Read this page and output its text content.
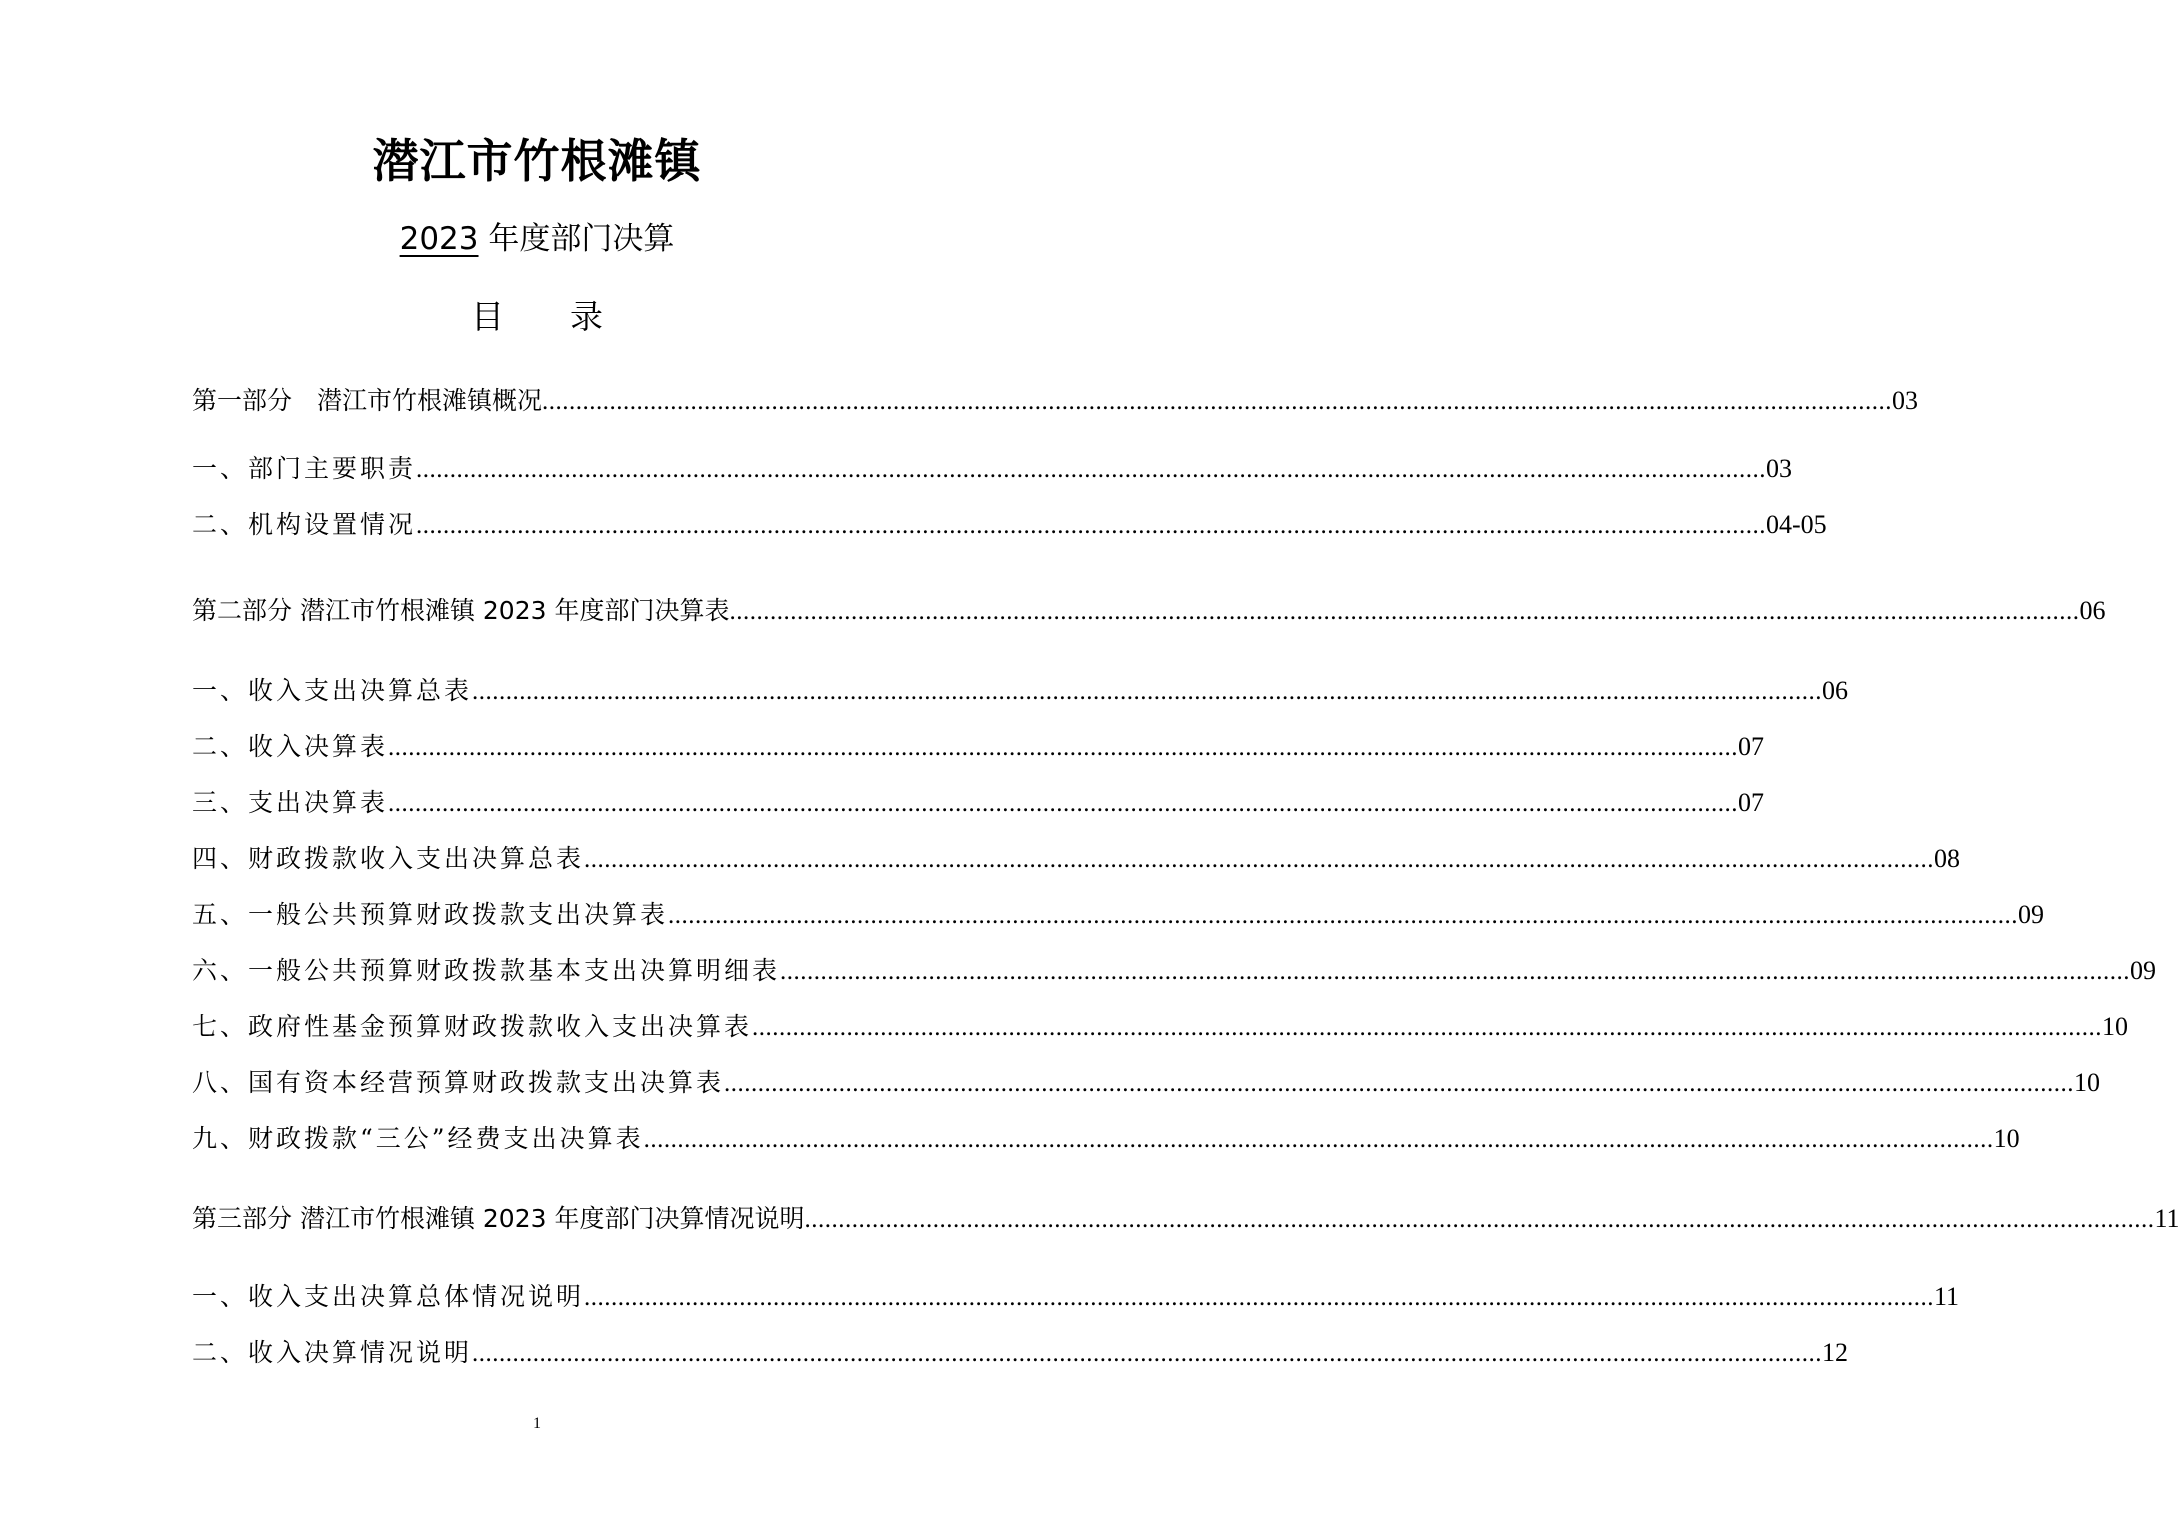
潜江市竹根滩镇
2023 年度部门决算
目 录
第一部分　潜江市竹根滩镇概况 ........................................................................................................................................................................................................ 03
一、部门主要职责 ........................................................................................................................................................................................................ 03
二、机构设置情况 ........................................................................................................................................................................................................ 04-05
第二部分 潜江市竹根滩镇 2023 年度部门决算表 ........................................................................................................................................................................................................ 06
一、收入支出决算总表 ........................................................................................................................................................................................................ 06
二、收入决算表 ........................................................................................................................................................................................................ 07
三、支出决算表 ........................................................................................................................................................................................................ 07
四、财政拨款收入支出决算总表 ........................................................................................................................................................................................................ 08
五、一般公共预算财政拨款支出决算表 ........................................................................................................................................................................................................ 09
六、一般公共预算财政拨款基本支出决算明细表 ........................................................................................................................................................................................................ 09
七、政府性基金预算财政拨款收入支出决算表 ........................................................................................................................................................................................................ 10
八、国有资本经营预算财政拨款支出决算表 ........................................................................................................................................................................................................ 10
九、财政拨款“三公”经费支出决算表 ........................................................................................................................................................................................................ 10
第三部分 潜江市竹根滩镇 2023 年度部门决算情况说明 ........................................................................................................................................................................................................ 11
一、收入支出决算总体情况说明 ........................................................................................................................................................................................................ 11
二、收入决算情况说明 ........................................................................................................................................................................................................ 12
1
